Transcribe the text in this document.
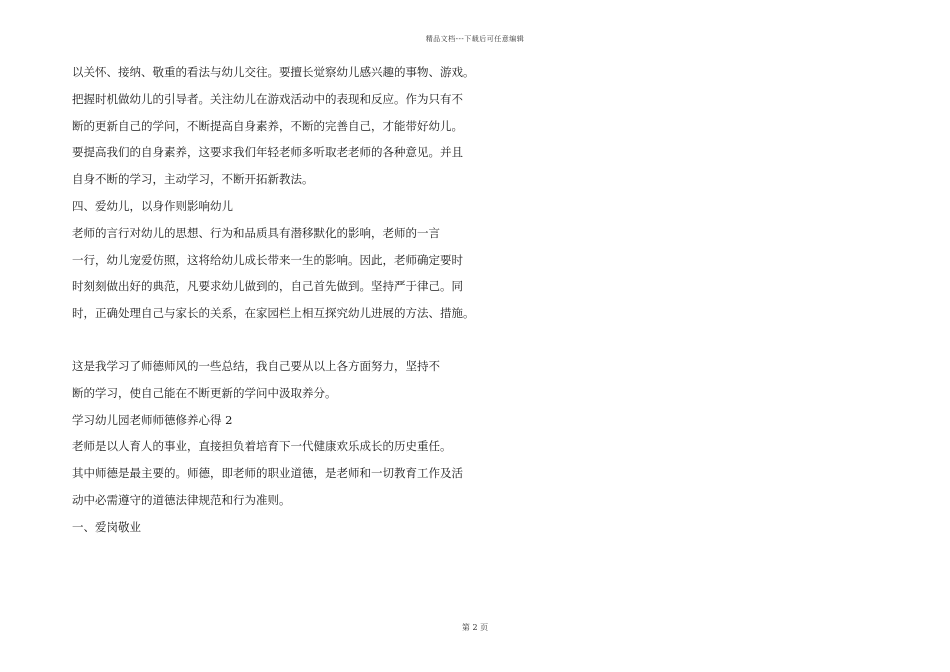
精品文档---下载后可任意编辑
以关怀、接纳、敬重的看法与幼儿交往。要擅长觉察幼儿感兴趣的事物、游戏。
把握时机做幼儿的引导者。关注幼儿在游戏活动中的表现和反应。作为只有不
断的更新自己的学问，不断提高自身素养，不断的完善自己，才能带好幼儿。
要提高我们的自身素养，这要求我们年轻老师多听取老老师的各种意见。并且
自身不断的学习，主动学习，不断开拓新教法。
四、爱幼儿，以身作则影响幼儿
老师的言行对幼儿的思想、行为和品质具有潜移默化的影响，老师的一言
一行，幼儿宠爱仿照，这将给幼儿成长带来一生的影响。因此，老师确定要时
时刻刻做出好的典范，凡要求幼儿做到的，自己首先做到。坚持严于律己。同
时，正确处理自己与家长的关系，在家园栏上相互探究幼儿进展的方法、措施。
这是我学习了师德师风的一些总结，我自己要从以上各方面努力，坚持不
断的学习，使自己能在不断更新的学问中汲取养分。
学习幼儿园老师师德修养心得 2
老师是以人育人的事业，直接担负着培育下一代健康欢乐成长的历史重任。
其中师德是最主要的。师德，即老师的职业道德，是老师和一切教育工作及活
动中必需遵守的道德法律规范和行为准则。
一、爱岗敬业
第 2 页
